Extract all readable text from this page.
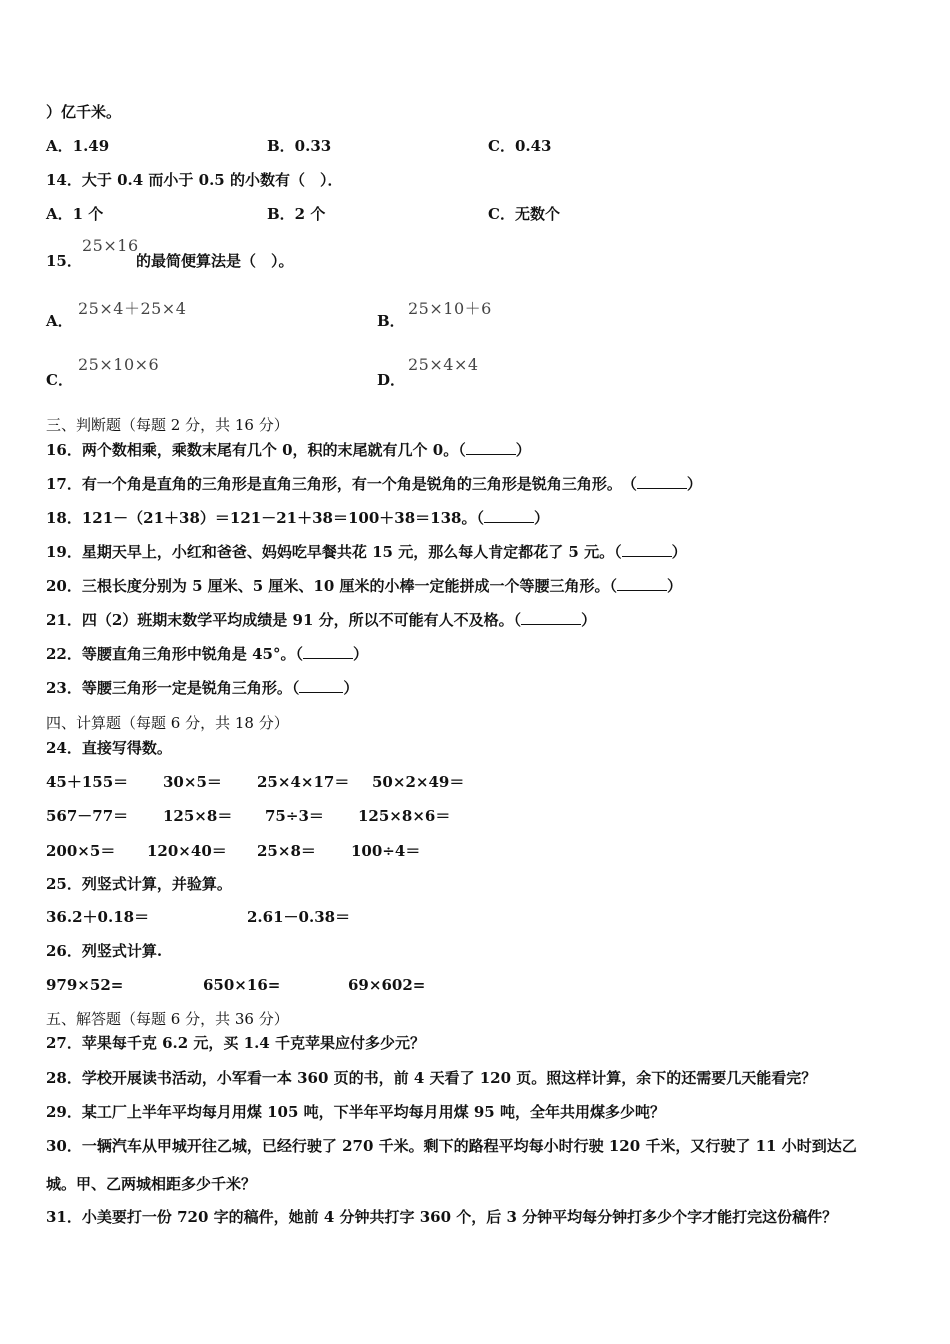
）亿千米。
A．1.49	B．0.33	C．0.43
14．大于 0.4 而小于 0.5 的小数有（　）．
A．1 个	B．2 个	C．无数个
15．
25×16
的最简便算法是（　）。
A．
25×4＋25×4
B．
25×10＋6
C．
25×10×6
D．
25×4×4
三、判断题（每题 2 分，共 16 分）
16．两个数相乘，乘数末尾有几个 0，积的末尾就有几个 0。（	）
17．有一个角是直角的三角形是直角三角形，有一个角是锐角的三角形是锐角三角形。　（	）
18．121－（21＋38）＝121－21＋38＝100＋38＝138。（	）
19．星期天早上，小红和爸爸、妈妈吃早餐共花 15 元，那么每人肯定都花了 5 元。（	）
20．三根长度分别为 5 厘米、5 厘米、10 厘米的小棒一定能拼成一个等腰三角形。（	）
21．四（2）班期末数学平均成绩是 91 分，所以不可能有人不及格。（	）
22．等腰直角三角形中锐角是 45°。（	）
23．等腰三角形一定是锐角三角形。（	）
四、计算题（每题 6 分，共 18 分）
24．直接写得数。
45＋155＝ 30×5＝ 25×4×17＝ 50×2×49＝
567－77＝ 125×8＝ 75÷3＝ 125×8×6＝
200×5＝ 120×40＝ 25×8＝ 100÷4＝
25．列竖式计算，并验算。
36.2＋0.18＝	2.61－0.38＝
26．列竖式计算.
979×52=	650×16=	69×602=
五、解答题（每题 6 分，共 36 分）
27．苹果每千克 6.2 元，买 1.4 千克苹果应付多少元？
28．学校开展读书活动，小军看一本 360 页的书，前 4 天看了 120 页。照这样计算，余下的还需要几天能看完？
29．某工厂上半年平均每月用煤 105 吨，下半年平均每月用煤 95 吨，全年共用煤多少吨？
30．一辆汽车从甲城开往乙城，已经行驶了 270 千米。剩下的路程平均每小时行驶 120 千米，又行驶了 11 小时到达乙
城。甲、乙两城相距多少千米？
31．小美要打一份 720 字的稿件，她前 4 分钟共打字 360 个，后 3 分钟平均每分钟打多少个字才能打完这份稿件？
